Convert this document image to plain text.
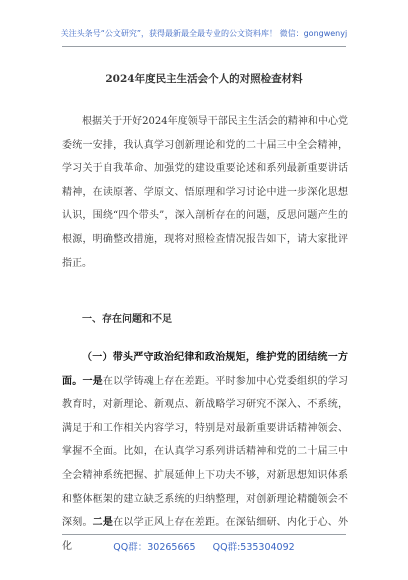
关注头条号“公文研究”，获得最新最全最专业的公文资料库！ 微信：gongwenyj
2024年度民主生活会个人的对照检查材料
根据关于开好2024年度领导干部民主生活会的精神和中心党委统一安排，我认真学习创新理论和党的二十届三中全会精神，学习关于自我革命、加强党的建设重要论述和系列最新重要讲话精神，在读原著、学原文、悟原理和学习讨论中进一步深化思想认识，围绕“四个带头”，深入剖析存在的问题，反思问题产生的根源，明确整改措施，现将对照检查情况报告如下，请大家批评指正。
一、存在问题和不足
（一）带头严守政治纪律和政治规矩，维护党的团结统一方面。一是在以学铸魂上存在差距。平时参加中心党委组织的学习教育时，对新理论、新观点、新战略学习研究不深入、不系统，满足于和工作相关内容学习，特别是对最新重要讲话精神领会、掌握不全面。比如，在认真学习系列讲话精神和党的二十届三中全会精神系统把握、扩展延伸上下功夫不够，对新思想知识体系和整体框架的建立缺乏系统的归纳整理，对创新理论精髓领会不深刻。二是在以学正风上存在差距。在深钻细研、内化于心、外化	QQ群：30265665 QQ群:535304092
